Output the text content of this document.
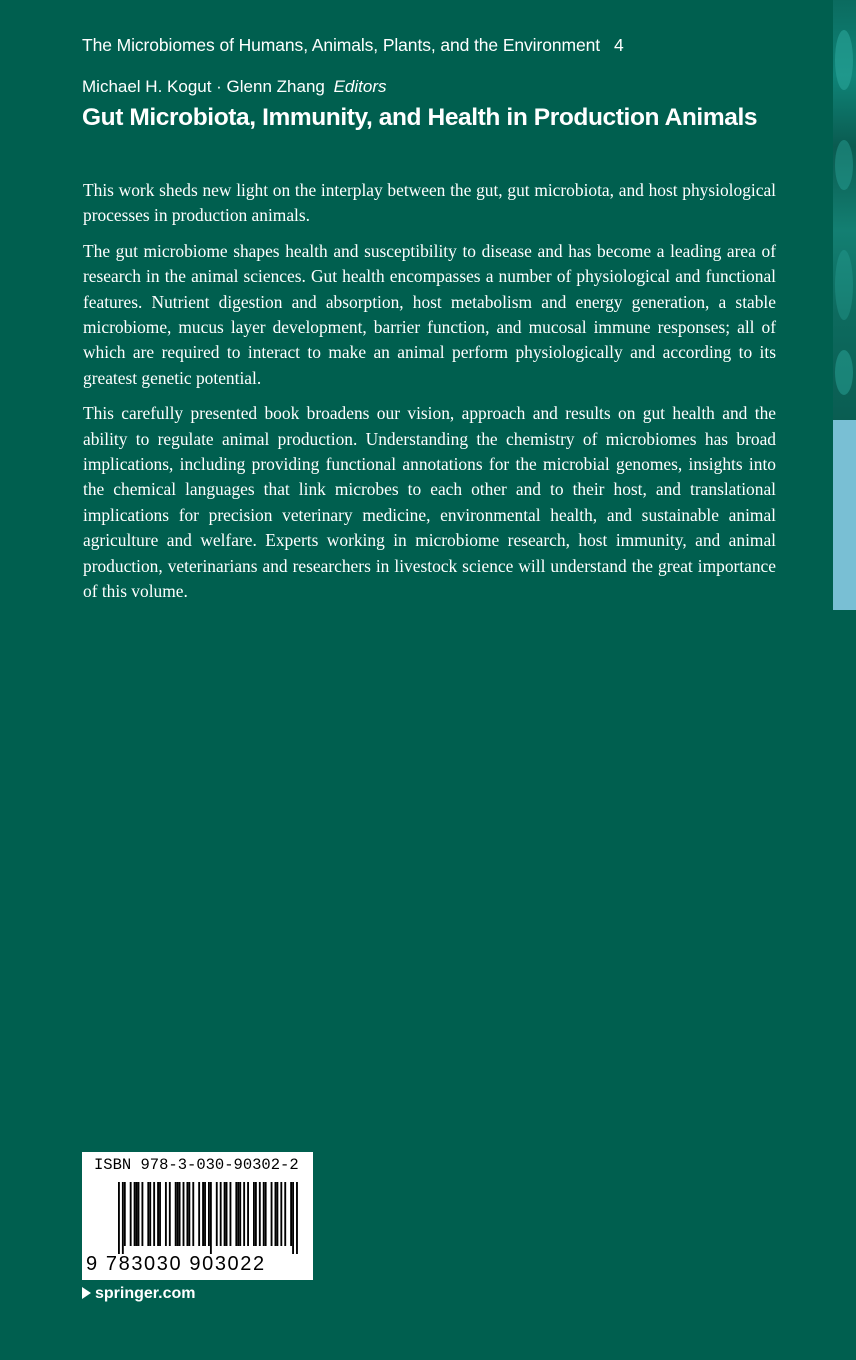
The Microbiomes of Humans, Animals, Plants, and the Environment 4
Michael H. Kogut · Glenn Zhang Editors
Gut Microbiota, Immunity, and Health in Production Animals

This work sheds new light on the interplay between the gut, gut microbiota, and host physiological processes in production animals.

The gut microbiome shapes health and susceptibility to disease and has become a leading area of research in the animal sciences. Gut health encompasses a number of physiological and functional features. Nutrient digestion and absorption, host metabolism and energy generation, a stable microbiome, mucus layer development, barrier function, and mucosal immune responses; all of which are required to interact to make an animal perform physiologically and according to its greatest genetic potential.

This carefully presented book broadens our vision, approach and results on gut health and the ability to regulate animal production. Understanding the chemistry of microbiomes has broad implications, including providing functional annotations for the microbial genomes, insights into the chemical languages that link microbes to each other and to their host, and translational implications for precision veterinary medicine, environmental health, and sustainable animal agriculture and welfare. Experts working in microbiome research, host immunity, and animal production, veterinarians and researchers in livestock science will understand the great importance of this volume.

ISBN 978-3-030-90302-2
9 783030 903022
springer.com
